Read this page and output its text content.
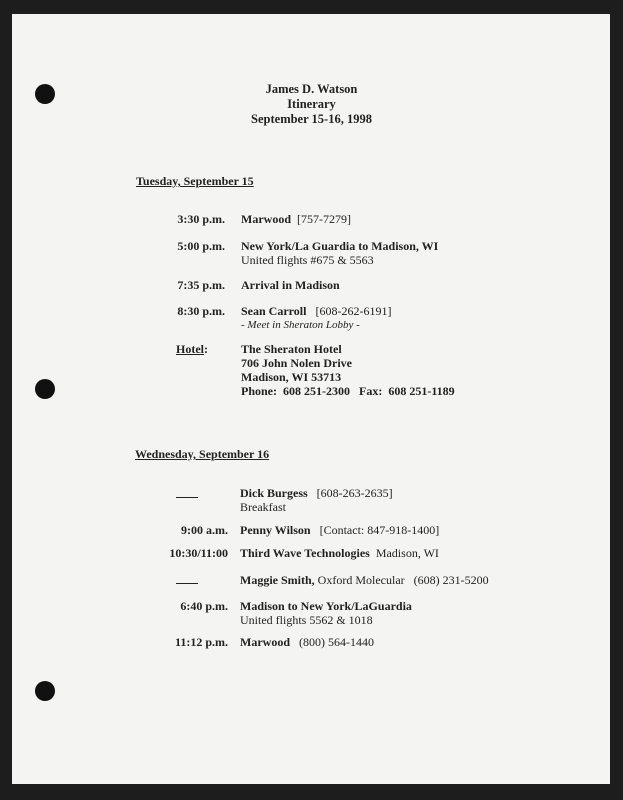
James D. Watson
Itinerary
September 15-16, 1998
Tuesday, September 15
3:30 p.m. Marwood [757-7279]
5:00 p.m. New York/La Guardia to Madison, WI
United flights #675 & 5563
7:35 p.m. Arrival in Madison
8:30 p.m. Sean Carroll [608-262-6191]
- Meet in Sheraton Lobby -
Hotel:	The Sheraton Hotel
706 John Nolen Drive
Madison, WI 53713
Phone:  608 251-2300   Fax:  608 251-1189
Wednesday, September 16
Dick Burgess [608-263-2635]
Breakfast
9:00 a.m. Penny Wilson [Contact: 847-918-1400]
10:30/11:00 Third Wave Technologies Madison, WI
Maggie Smith, Oxford Molecular   (608) 231-5200
6:40 p.m. Madison to New York/LaGuardia
United flights 5562 & 1018
11:12 p.m. Marwood (800) 564-1440
